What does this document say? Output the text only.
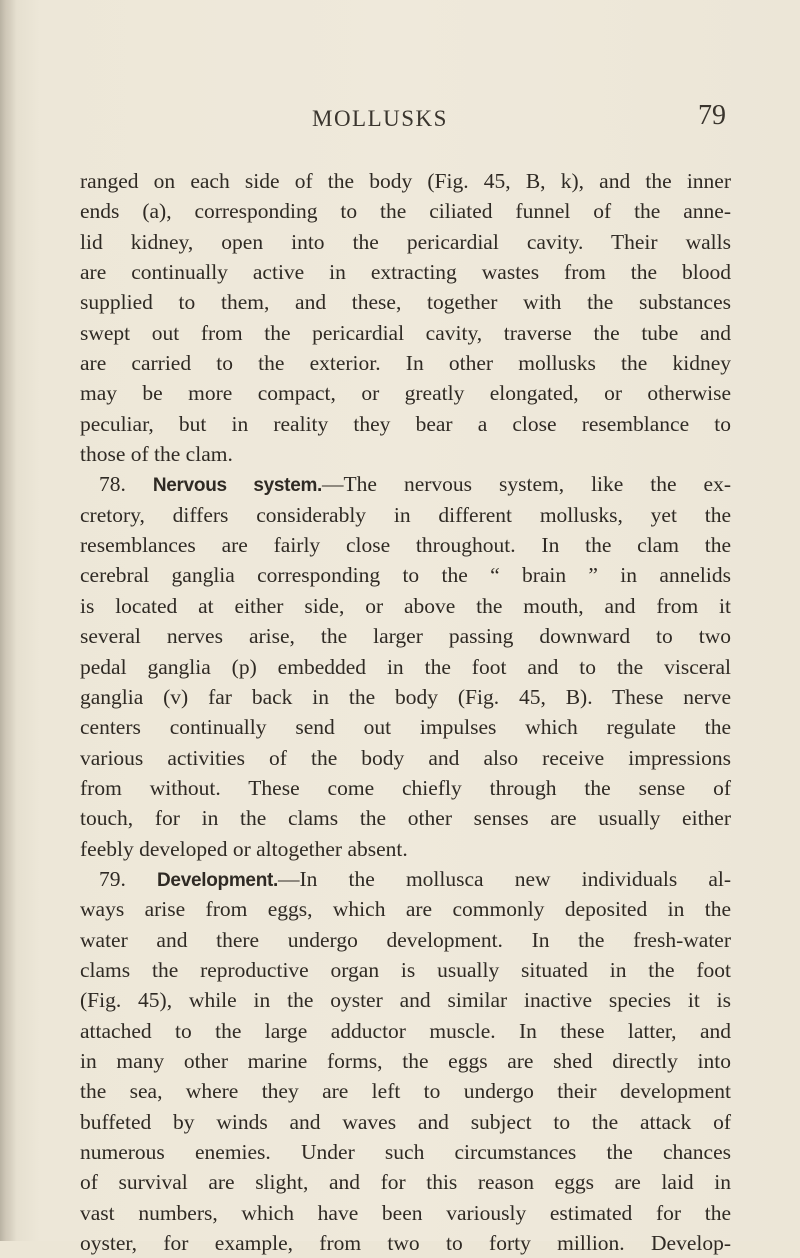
MOLLUSKS	79
ranged on each side of the body (Fig. 45, B, k), and the inner
ends (a), corresponding to the ciliated funnel of the anne-
lid kidney, open into the pericardial cavity. Their walls
are continually active in extracting wastes from the blood
supplied to them, and these, together with the substances
swept out from the pericardial cavity, traverse the tube and
are carried to the exterior. In other mollusks the kidney
may be more compact, or greatly elongated, or otherwise
peculiar, but in reality they bear a close resemblance to
those of the clam.
78. Nervous system.—The nervous system, like the ex-
cretory, differs considerably in different mollusks, yet the
resemblances are fairly close throughout. In the clam the
cerebral ganglia corresponding to the “ brain ” in annelids
is located at either side, or above the mouth, and from it
several nerves arise, the larger passing downward to two
pedal ganglia (p) embedded in the foot and to the visceral
ganglia (v) far back in the body (Fig. 45, B). These nerve
centers continually send out impulses which regulate the
various activities of the body and also receive impressions
from without. These come chiefly through the sense of
touch, for in the clams the other senses are usually either
feebly developed or altogether absent.
79. Development.—In the mollusca new individuals al-
ways arise from eggs, which are commonly deposited in the
water and there undergo development. In the fresh-water
clams the reproductive organ is usually situated in the foot
(Fig. 45), while in the oyster and similar inactive species it is
attached to the large adductor muscle. In these latter, and
in many other marine forms, the eggs are shed directly into
the sea, where they are left to undergo their development
buffeted by winds and waves and subject to the attack of
numerous enemies. Under such circumstances the chances
of survival are slight, and for this reason eggs are laid in
vast numbers, which have been variously estimated for the
oyster, for example, from two to forty million. Develop-
